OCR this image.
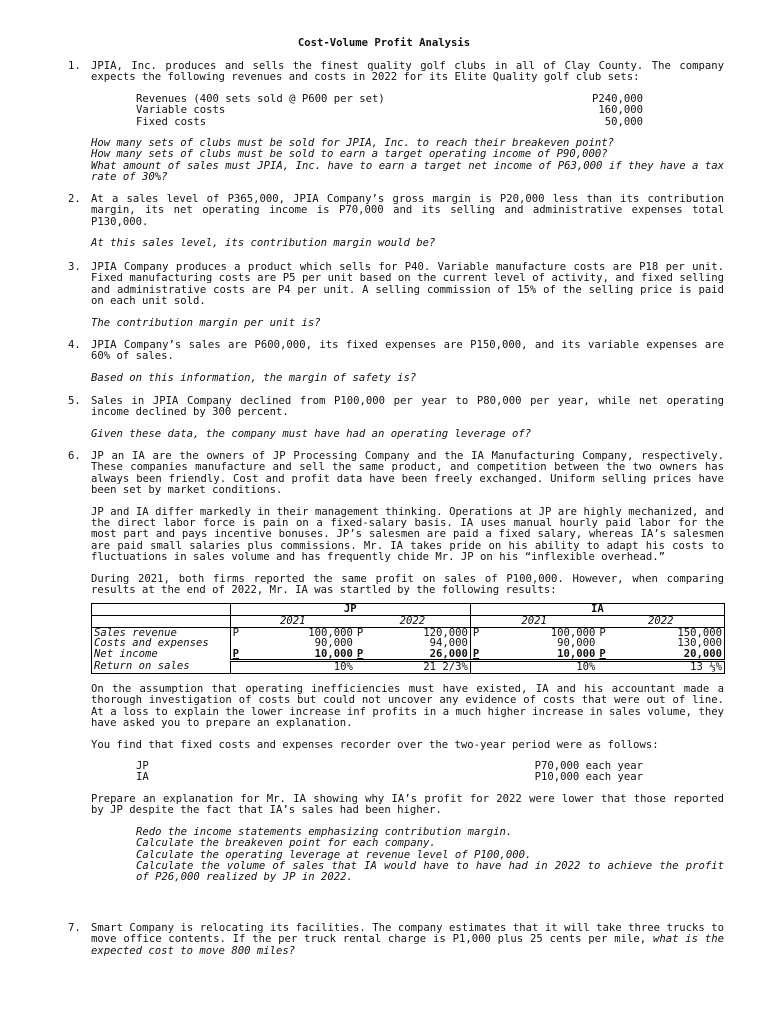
Cost-Volume Profit Analysis
1. JPIA, Inc. produces and sells the finest quality golf clubs in all of Clay County. The company expects the following revenues and costs in 2022 for its Elite Quality golf club sets:

Revenues (400 sets sold @ P600 per set)	P240,000
Variable costs	160,000
Fixed costs	50,000

How many sets of clubs must be sold for JPIA, Inc. to reach their breakeven point?

How many sets of clubs must be sold to earn a target operating income of P90,000?

What amount of sales must JPIA, Inc. have to earn a target net income of P63,000 if they have a tax rate of 30%?

2. At a sales level of P365,000, JPIA Company’s gross margin is P20,000 less than its contribution margin, its net operating income is P70,000 and its selling and administrative expenses total P130,000.

At this sales level, its contribution margin would be?

3. JPIA Company produces a product which sells for P40. Variable manufacture costs are P18 per unit. Fixed manufacturing costs are P5 per unit based on the current level of activity, and fixed selling and administrative costs are P4 per unit. A selling commission of 15% of the selling price is paid on each unit sold.

The contribution margin per unit is?

4. JPIA Company’s sales are P600,000, its fixed expenses are P150,000, and its variable expenses are 60% of sales.

Based on this information, the margin of safety is?

5. Sales in JPIA Company declined from P100,000 per year to P80,000 per year, while net operating income declined by 300 percent.

Given these data, the company must have had an operating leverage of?

6. JP an IA are the owners of JP Processing Company and the IA Manufacturing Company, respectively. These companies manufacture and sell the same product, and competition between the two owners has always been friendly. Cost and profit data have been freely exchanged. Uniform selling prices have been set by market conditions.

JP and IA differ markedly in their management thinking. Operations at JP are highly mechanized, and the direct labor force is pain on a fixed-salary basis. IA uses manual hourly paid labor for the most part and pays incentive bonuses. JP’s salesmen are paid a fixed salary, whereas IA’s salesmen are paid small salaries plus commissions. Mr. IA takes pride on his ability to adapt his costs to fluctuations in sales volume and has frequently chide Mr. JP on his “inflexible overhead.”

During 2021, both firms reported the same profit on sales of P100,000. However, when comparing results at the end of 2022, Mr. IA was startled by the following results:

	JP				IA			
	2021		2022		2021		2022	
Sales revenue	P	100,000	P	120,000	P	100,000	P	150,000
Costs and expenses		90,000		94,000		90,000		130,000
Net income	P	10,000	P	26,000	P	10,000	P	20,000
Return on sales		10%		21 2/3%		10%		13 ⅓%

On the assumption that operating inefficiencies must have existed, IA and his accountant made a thorough investigation of costs but could not uncover any evidence of costs that were out of line. At a loss to explain the lower increase inf profits in a much higher increase in sales volume, they have asked you to prepare an explanation.

You find that fixed costs and expenses recorder over the two-year period were as follows:

JP	P70,000 each year
IA	P10,000 each year

Prepare an explanation for Mr. IA showing why IA’s profit for 2022 were lower that those reported by JP despite the fact that IA’s sales had been higher.

Redo the income statements emphasizing contribution margin.

Calculate the breakeven point for each company.

Calculate the operating leverage at revenue level of P100,000.

Calculate the volume of sales that IA would have to have had in 2022 to achieve the profit of P26,000 realized by JP in 2022.

7. Smart Company is relocating its facilities. The company estimates that it will take three trucks to move office contents. If the per truck rental charge is P1,000 plus 25 cents per mile, what is the expected cost to move 800 miles?
